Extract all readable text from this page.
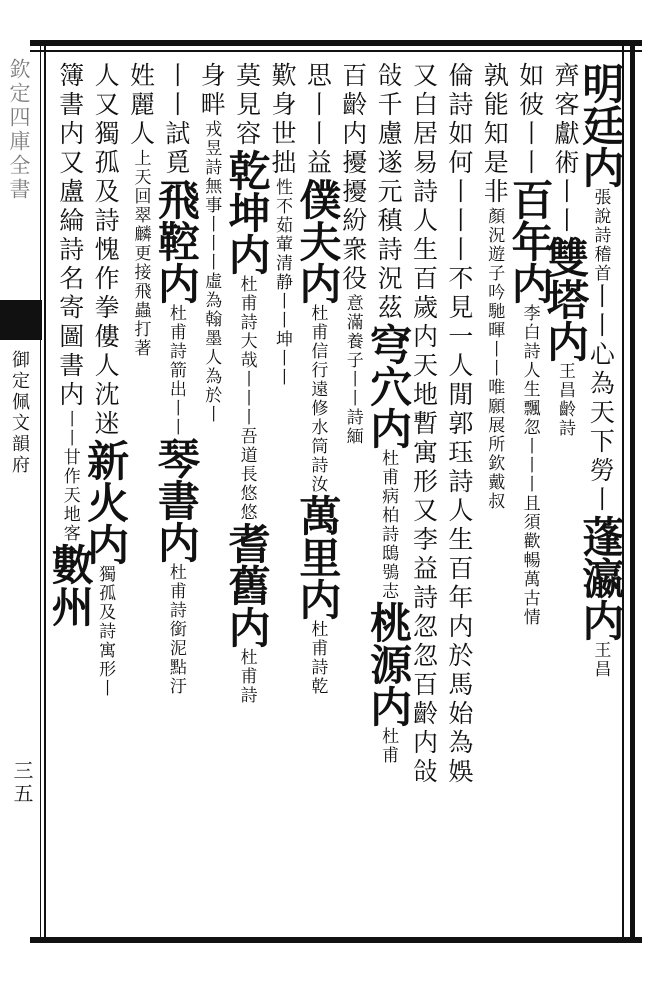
欽定四庫全書
御定佩文韻府
三五
明廷内張說詩稽首丨丨心為天下勞丨蓬瀛内王昌
齊客獻術丨丨雙塔内王昌齡詩
如彼丨丨百年内李白詩人生飄忽丨丨丨且須歡暢萬古情
孰能知是非顏況遊子吟馳暉丨丨唯願展所欽戴叔
倫詩如何丨丨丨不見一人閒郭珏詩人生百年内於馬始為娛
又白居易詩人生百歲内天地暫寓形又李益詩忽忽百齡内敆
敆千慮遂元稹詩況茲穹穴内杜甫病柏詩鴟鴞志桃源内杜甫
百齡内擾擾紛衆役意滿養子丨丨詩緬
思丨丨益僕夫内杜甫信行遠修水筒詩汝萬里内杜甫詩乾
歎身世拙性不茹葷清静丨丨坤丨丨
莫見容乾坤内杜甫詩大哉丨丨丨吾道長悠悠耆舊内杜甫詩
身畔戎昱詩無事丨丨丨虛為翰墨人為於丨
丨丨試覓飛鞚内杜甫詩箭出丨丨琴書内杜甫詩銜泥點汙
姓麗人上天回翠麟更接飛蟲打著
人又獨孤及詩愧作拳僂人沈迷新火内獨孤及詩寓形丨
簿書内又盧綸詩名寄圖書内丨丨甘作天地客數州
